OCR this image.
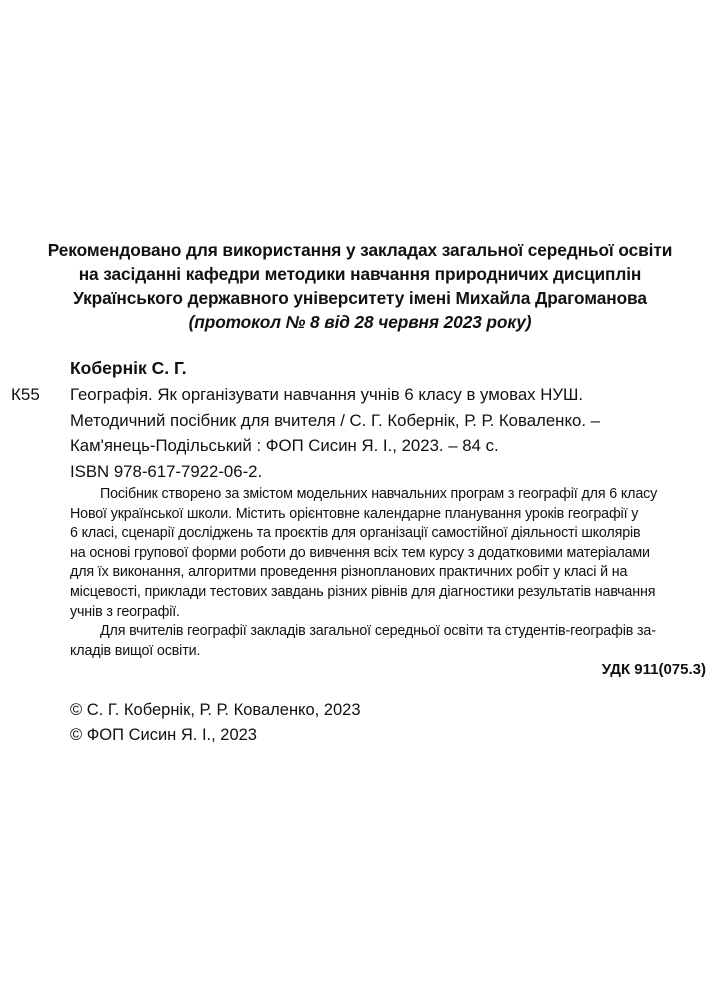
Рекомендовано для використання у закладах загальної середньої освіти
на засіданні кафедри методики навчання природничих дисциплін
Українського державного університету імені Михайла Драгоманова
(протокол № 8 від 28 червня 2023 року)
Кобернік С. Г.
К55 Географія. Як організувати навчання учнів 6 класу в умовах НУШ.
Методичний посібник для вчителя / С. Г. Кобернік, Р. Р. Коваленко. –
Кам'янець-Подільський : ФОП Сисин Я. І., 2023. – 84 с.
ISBN 978-617-7922-06-2.
Посібник створено за змістом модельних навчальних програм з географії для 6 класу
Нової української школи. Містить орієнтовне календарне планування уроків географії у
6 класі, сценарії досліджень та проєктів для організації самостійної діяльності школярів
на основі групової форми роботи до вивчення всіх тем курсу з додатковими матеріалами
для їх виконання, алгоритми проведення різнопланових практичних робіт у класі й на
місцевості, приклади тестових завдань різних рівнів для діагностики результатів навчання
учнів з географії.
Для вчителів географії закладів загальної середньої освіти та студентів-географів за-
кладів вищої освіти.
УДК 911(075.3)
© С. Г. Кобернік, Р. Р. Коваленко, 2023
© ФОП Сисин Я. І., 2023
